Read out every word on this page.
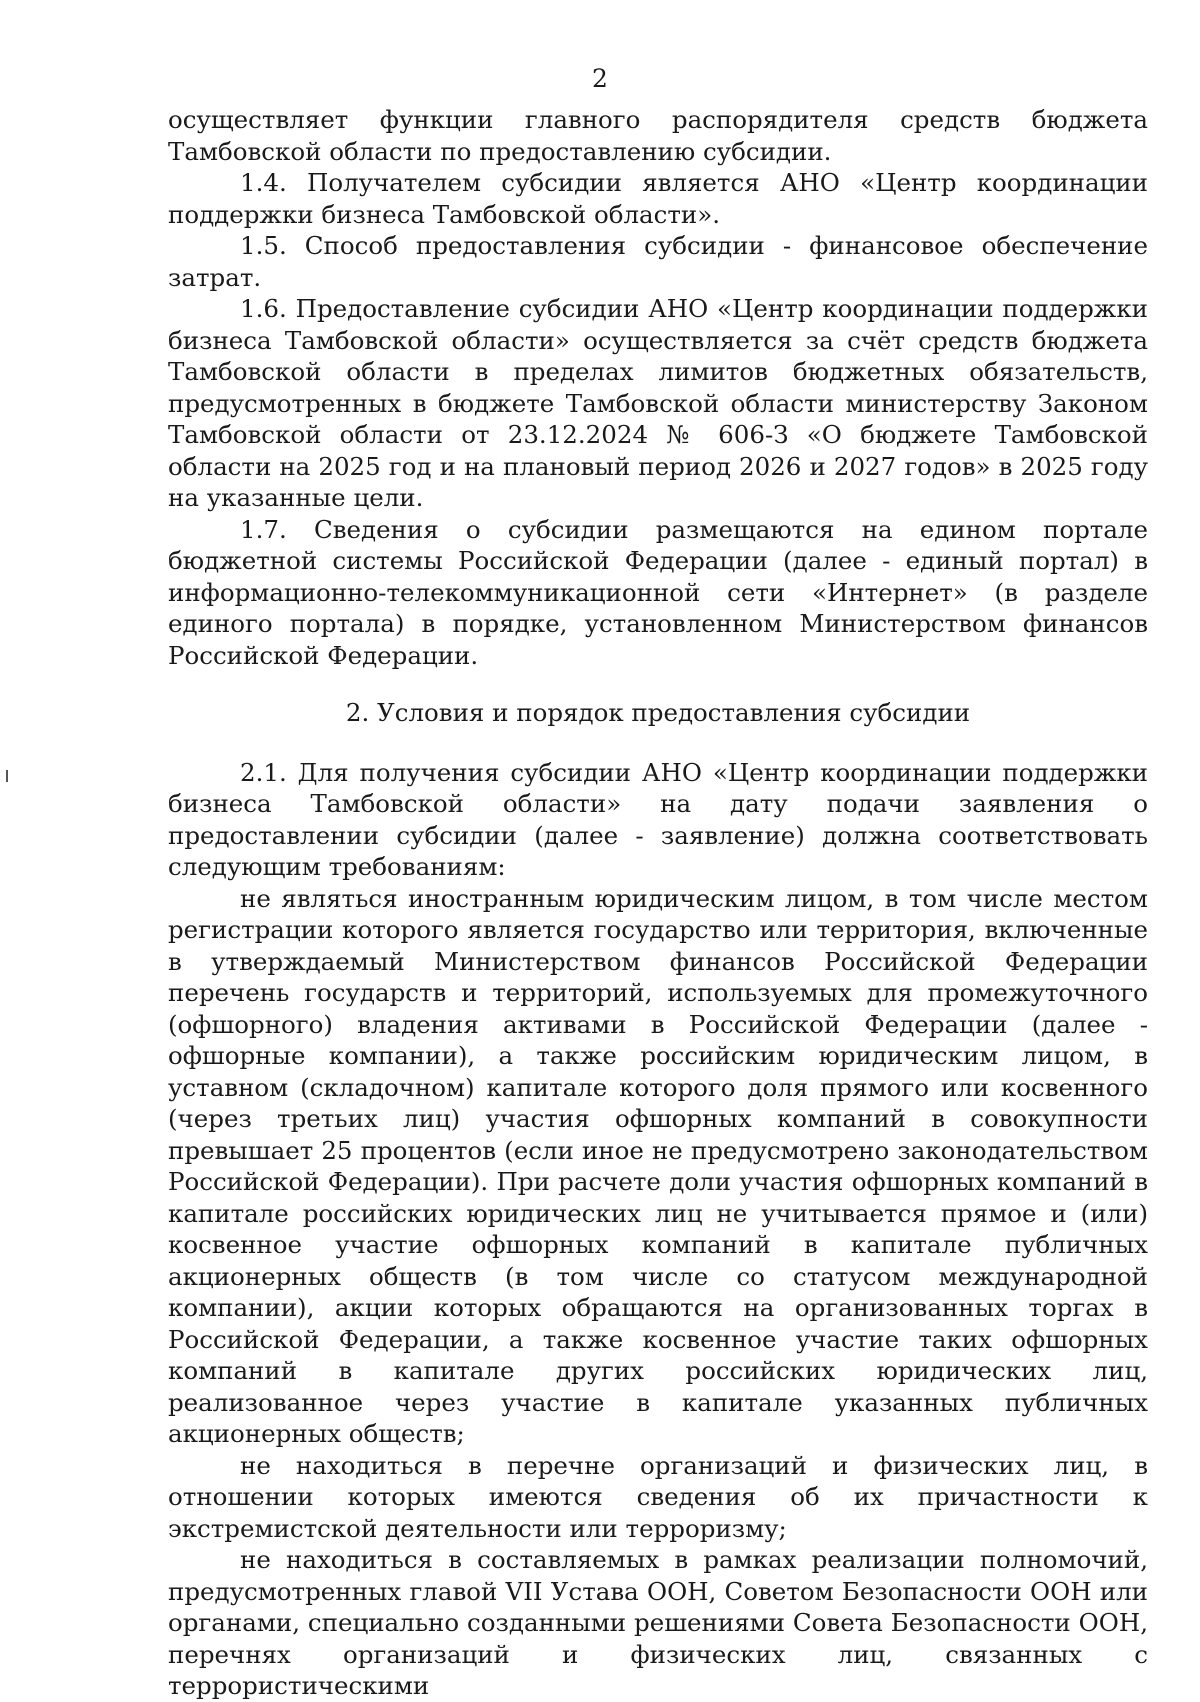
2

осуществляет функции главного распорядителя средств бюджета Тамбовской области по предоставлению субсидии.

1.4. Получателем субсидии является АНО «Центр координации поддержки бизнеса Тамбовской области».

1.5. Способ предоставления субсидии - финансовое обеспечение затрат.

1.6. Предоставление субсидии АНО «Центр координации поддержки бизнеса Тамбовской области» осуществляется за счёт средств бюджета Тамбовской области в пределах лимитов бюджетных обязательств, предусмотренных в бюджете Тамбовской области министерству Законом Тамбовской области от 23.12.2024 № 606-З «О бюджете Тамбовской области на 2025 год и на плановый период 2026 и 2027 годов» в 2025 году на указанные цели.

1.7. Сведения о субсидии размещаются на едином портале бюджетной системы Российской Федерации (далее - единый портал) в информационно-телекоммуникационной сети «Интернет» (в разделе единого портала) в порядке, установленном Министерством финансов Российской Федерации.

2. Условия и порядок предоставления субсидии

2.1. Для получения субсидии АНО «Центр координации поддержки бизнеса Тамбовской области» на дату подачи заявления о предоставлении субсидии (далее - заявление) должна соответствовать следующим требованиям:

не являться иностранным юридическим лицом, в том числе местом регистрации которого является государство или территория, включенные в утверждаемый Министерством финансов Российской Федерации перечень государств и территорий, используемых для промежуточного (офшорного) владения активами в Российской Федерации (далее - офшорные компании), а также российским юридическим лицом, в уставном (складочном) капитале которого доля прямого или косвенного (через третьих лиц) участия офшорных компаний в совокупности превышает 25 процентов (если иное не предусмотрено законодательством Российской Федерации). При расчете доли участия офшорных компаний в капитале российских юридических лиц не учитывается прямое и (или) косвенное участие офшорных компаний в капитале публичных акционерных обществ (в том числе со статусом международной компании), акции которых обращаются на организованных торгах в Российской Федерации, а также косвенное участие таких офшорных компаний в капитале других российских юридических лиц, реализованное через участие в капитале указанных публичных акционерных обществ;

не находиться в перечне организаций и физических лиц, в отношении которых имеются сведения об их причастности к экстремистской деятельности или терроризму;

не находиться в составляемых в рамках реализации полномочий, предусмотренных главой VII Устава ООН, Советом Безопасности ООН или органами, специально созданными решениями Совета Безопасности ООН, перечнях организаций и физических лиц, связанных с террористическими
